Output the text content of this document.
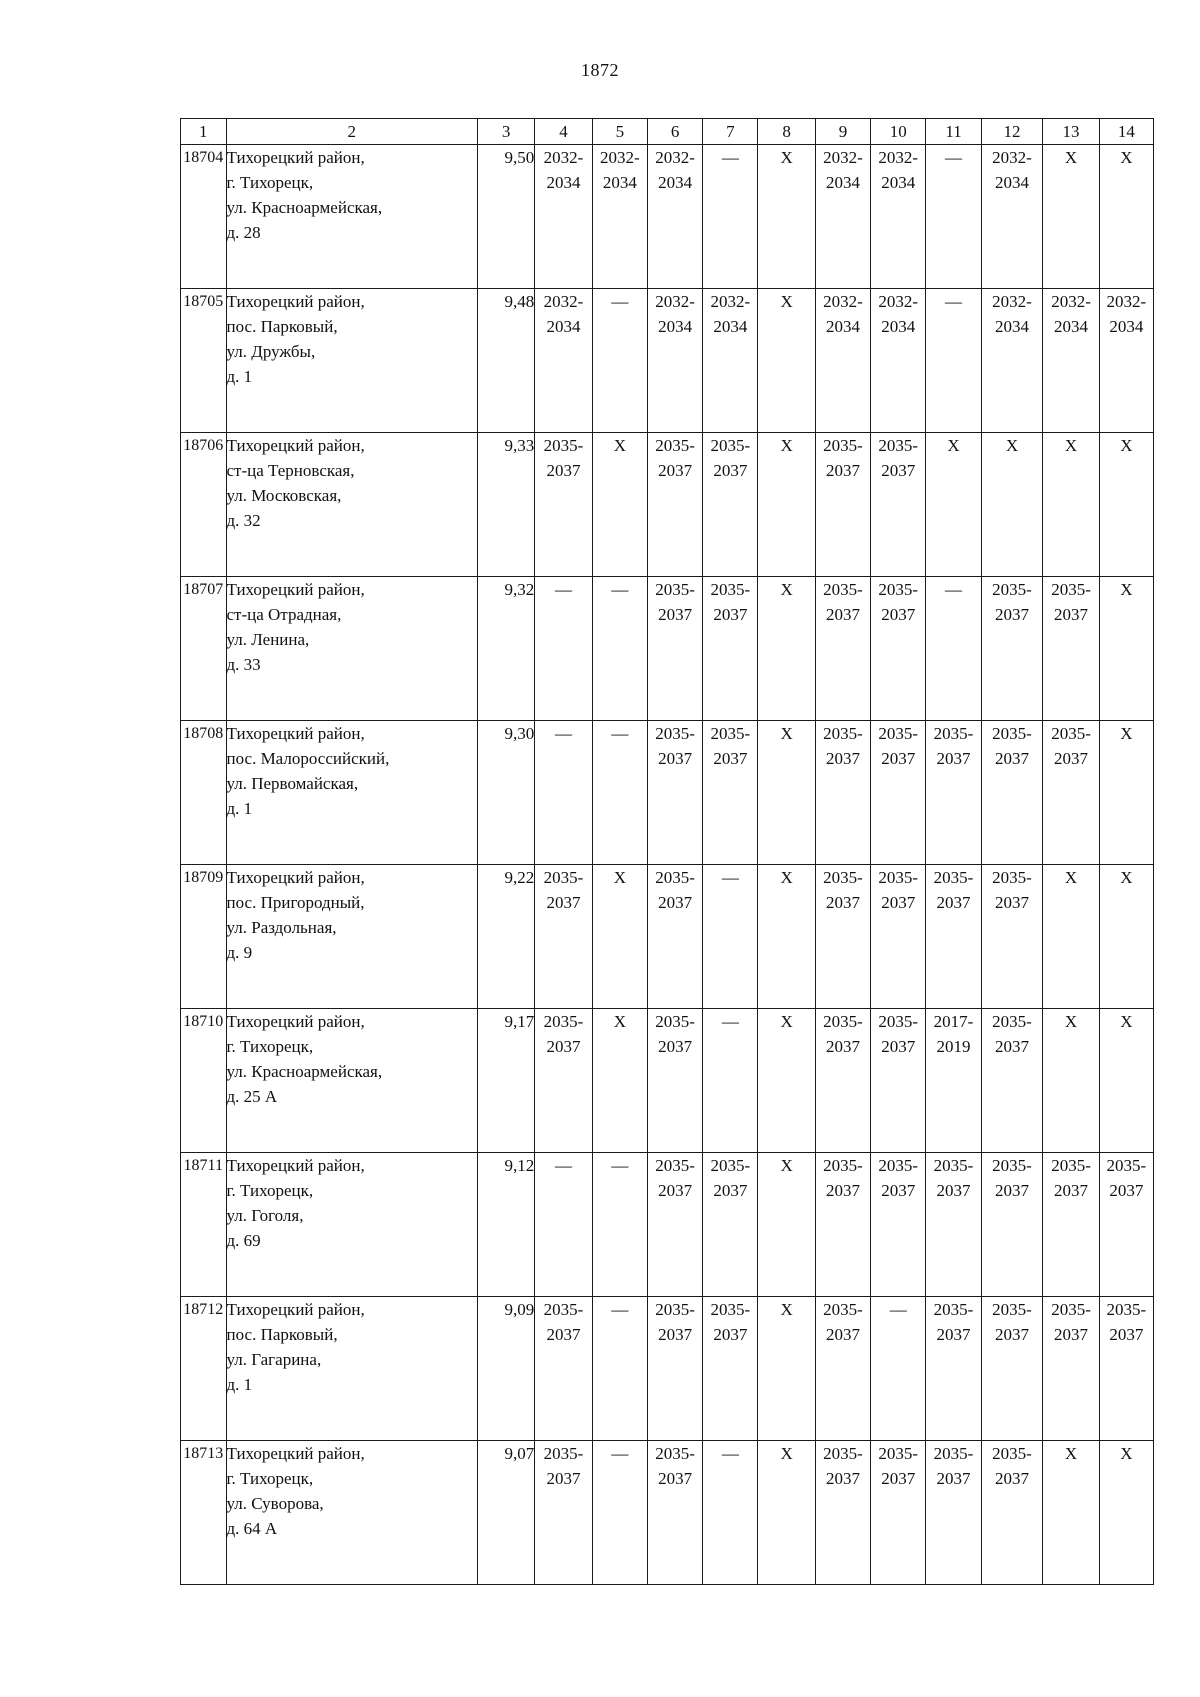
1872
1	2	3	4	5	6	7	8	9	10	11	12	13	14
18704	Тихорецкий район,
г. Тихорецк,
ул. Красноармейская,
д. 28	9,50	2032-
2034	2032-
2034	2032-
2034	—	X	2032-
2034	2032-
2034	—	2032-
2034	X	X

18705	Тихорецкий район,
пос. Парковый,
ул. Дружбы,
д. 1	9,48	2032-
2034	—	2032-
2034	2032-
2034	X	2032-
2034	2032-
2034	—	2032-
2034	2032-
2034	2032-
2034

18706	Тихорецкий район,
ст-ца Терновская,
ул. Московская,
д. 32	9,33	2035-
2037	X	2035-
2037	2035-
2037	X	2035-
2037	2035-
2037	X	X	X	X

18707	Тихорецкий район,
ст-ца Отрадная,
ул. Ленина,
д. 33	9,32	—	—	2035-
2037	2035-
2037	X	2035-
2037	2035-
2037	—	2035-
2037	2035-
2037	X

18708	Тихорецкий район,
пос. Малороссийский,
ул. Первомайская,
д. 1	9,30	—	—	2035-
2037	2035-
2037	X	2035-
2037	2035-
2037	2035-
2037	2035-
2037	2035-
2037	X

18709	Тихорецкий район,
пос. Пригородный,
ул. Раздольная,
д. 9	9,22	2035-
2037	X	2035-
2037	—	X	2035-
2037	2035-
2037	2035-
2037	2035-
2037	X	X

18710	Тихорецкий район,
г. Тихорецк,
ул. Красноармейская,
д. 25 А	9,17	2035-
2037	X	2035-
2037	—	X	2035-
2037	2035-
2037	2017-
2019	2035-
2037	X	X

18711	Тихорецкий район,
г. Тихорецк,
ул. Гоголя,
д. 69	9,12	—	—	2035-
2037	2035-
2037	X	2035-
2037	2035-
2037	2035-
2037	2035-
2037	2035-
2037	2035-
2037

18712	Тихорецкий район,
пос. Парковый,
ул. Гагарина,
д. 1	9,09	2035-
2037	—	2035-
2037	2035-
2037	X	2035-
2037	—	2035-
2037	2035-
2037	2035-
2037	2035-
2037

18713	Тихорецкий район,
г. Тихорецк,
ул. Суворова,
д. 64 А	9,07	2035-
2037	—	2035-
2037	—	X	2035-
2037	2035-
2037	2035-
2037	2035-
2037	X	X
